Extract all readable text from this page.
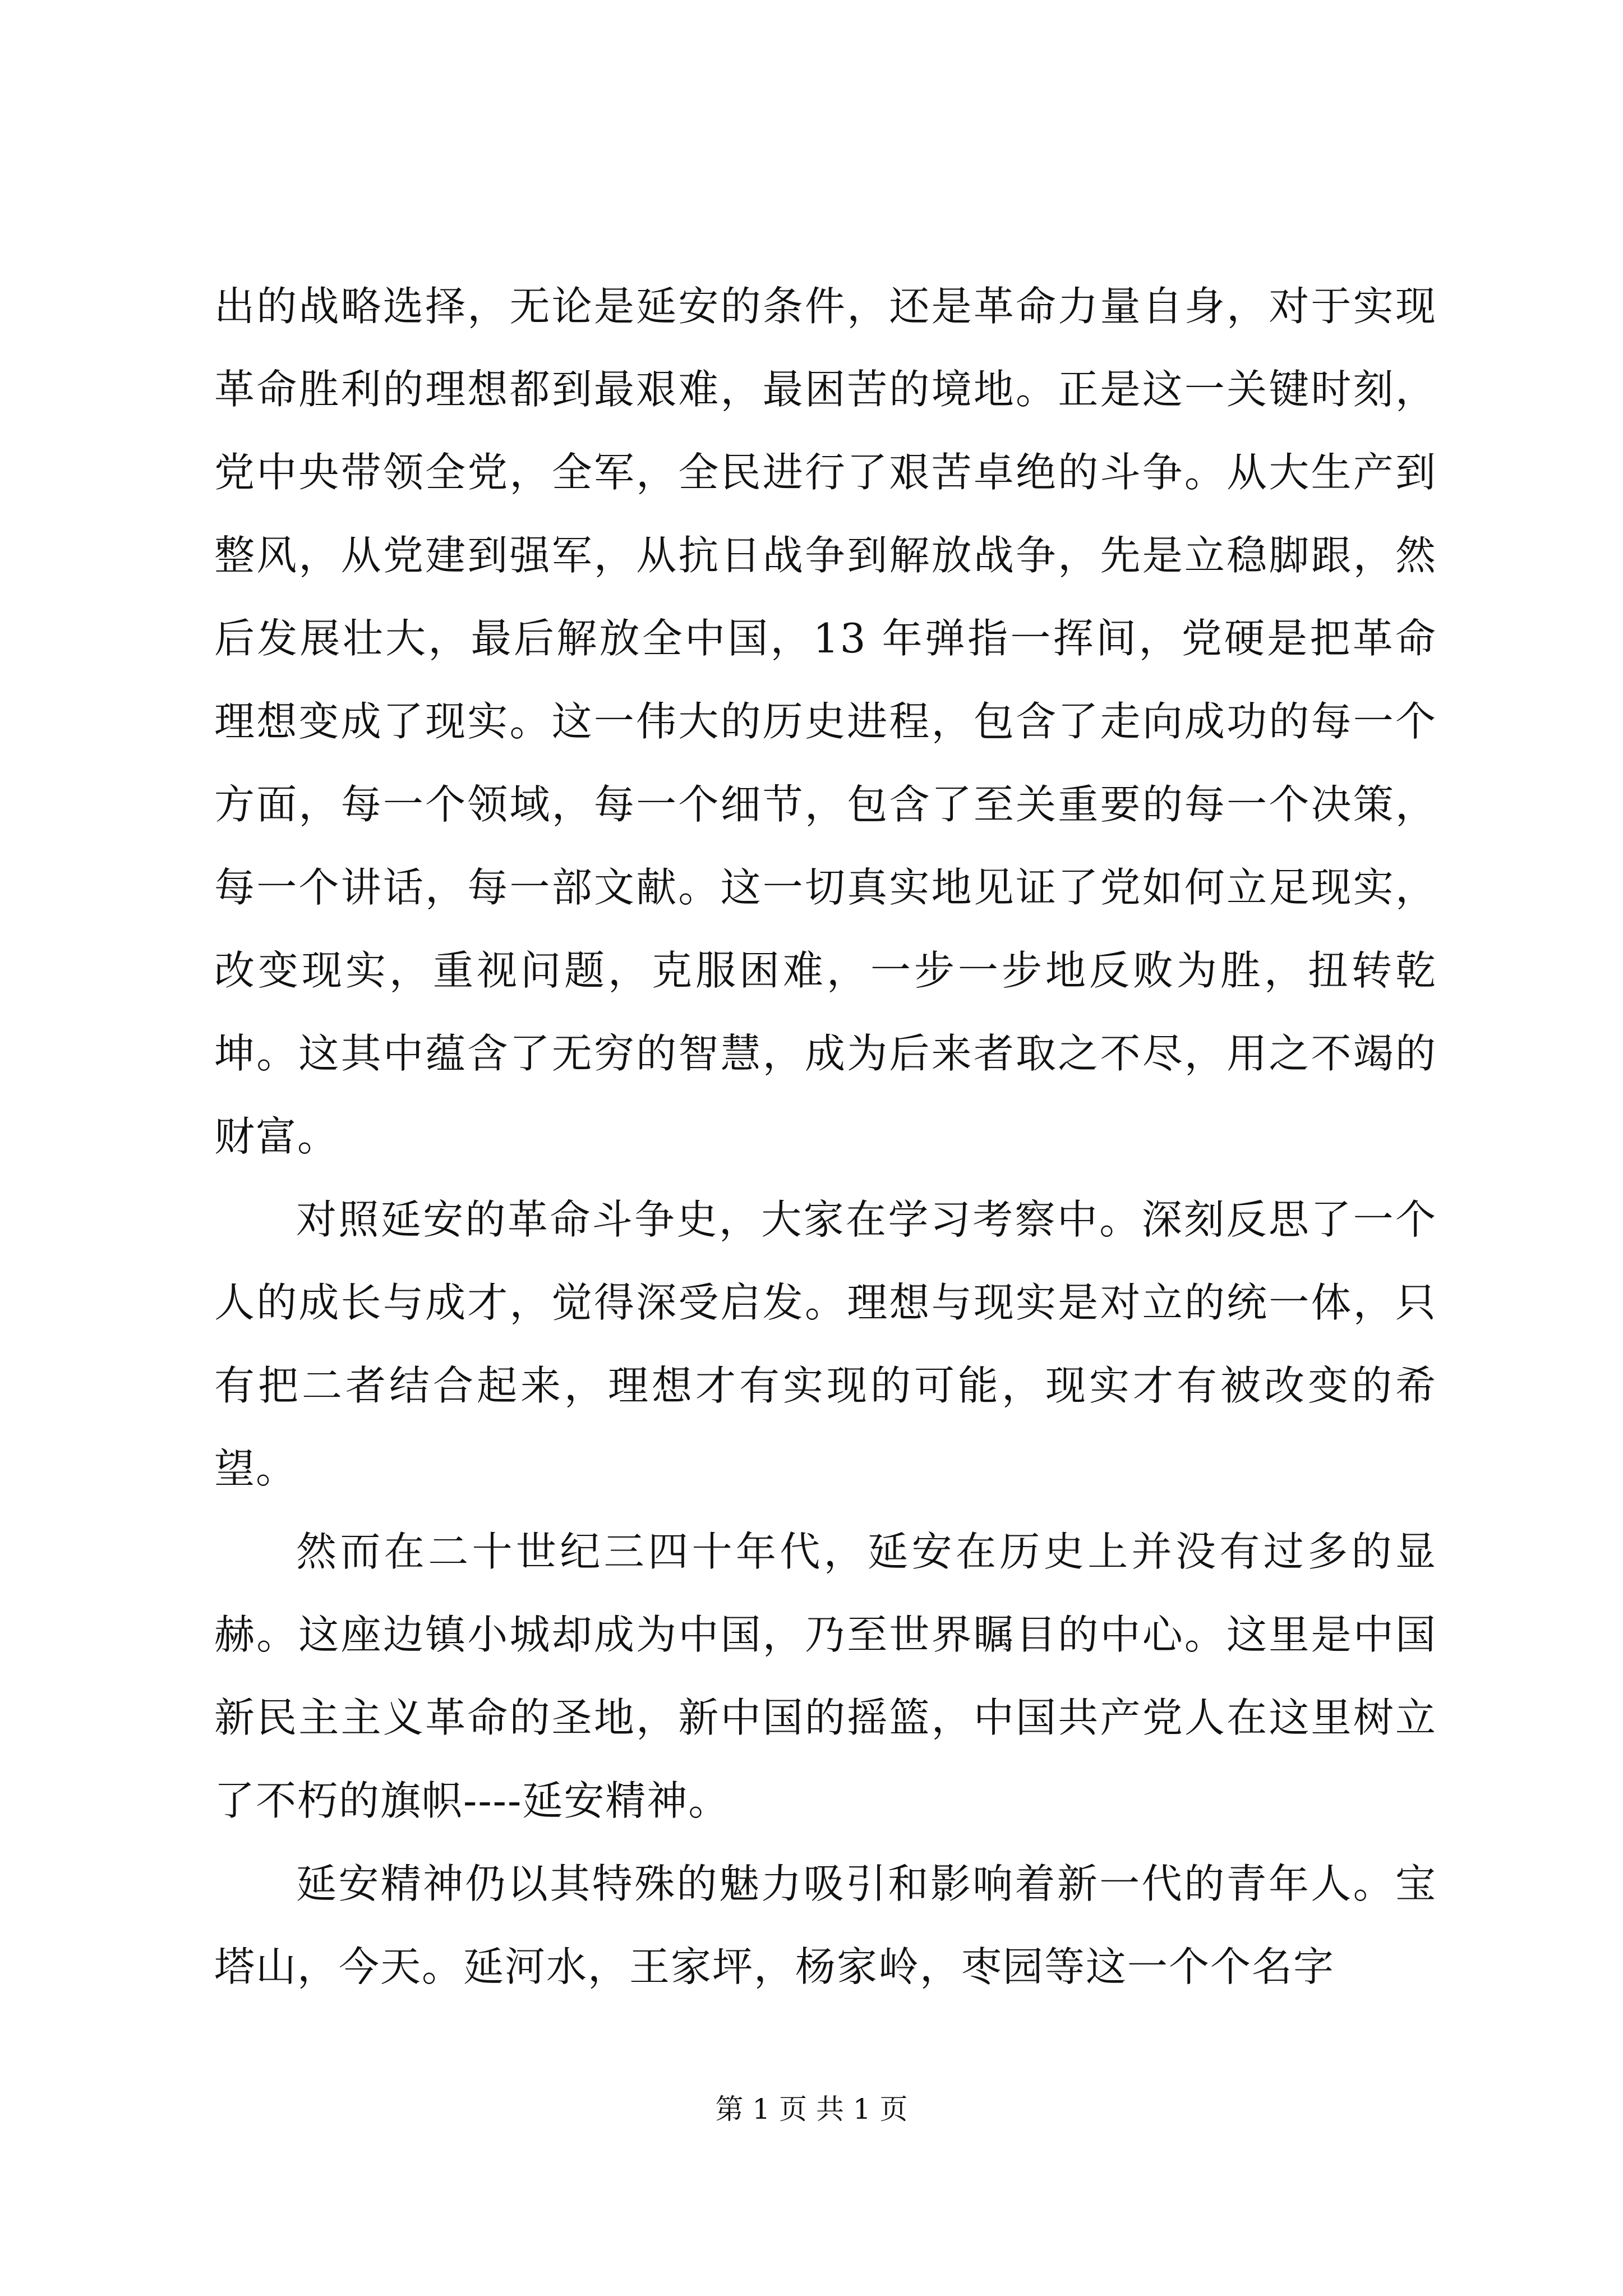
出的战略选择，无论是延安的条件，还是革命力量自身，对于实现革命胜利的理想都到最艰难，最困苦的境地。正是这一关键时刻，党中央带领全党，全军，全民进行了艰苦卓绝的斗争。从大生产到整风，从党建到强军，从抗日战争到解放战争，先是立稳脚跟，然后发展壮大，最后解放全中国，13 年弹指一挥间，党硬是把革命理想变成了现实。这一伟大的历史进程，包含了走向成功的每一个方面，每一个领域，每一个细节，包含了至关重要的每一个决策，每一个讲话，每一部文献。这一切真实地见证了党如何立足现实，改变现实，重视问题，克服困难，一步一步地反败为胜，扭转乾坤。这其中蕴含了无穷的智慧，成为后来者取之不尽，用之不竭的财富。

对照延安的革命斗争史，大家在学习考察中。深刻反思了一个人的成长与成才，觉得深受启发。理想与现实是对立的统一体，只有把二者结合起来，理想才有实现的可能，现实才有被改变的希望。

然而在二十世纪三四十年代，延安在历史上并没有过多的显赫。这座边镇小城却成为中国，乃至世界瞩目的中心。这里是中国新民主主义革命的圣地，新中国的摇篮，中国共产党人在这里树立了不朽的旗帜----延安精神。

延安精神仍以其特殊的魅力吸引和影响着新一代的青年人。宝塔山，今天。延河水，王家坪，杨家岭，枣园等这一个个名字

第 1 页 共 1 页
